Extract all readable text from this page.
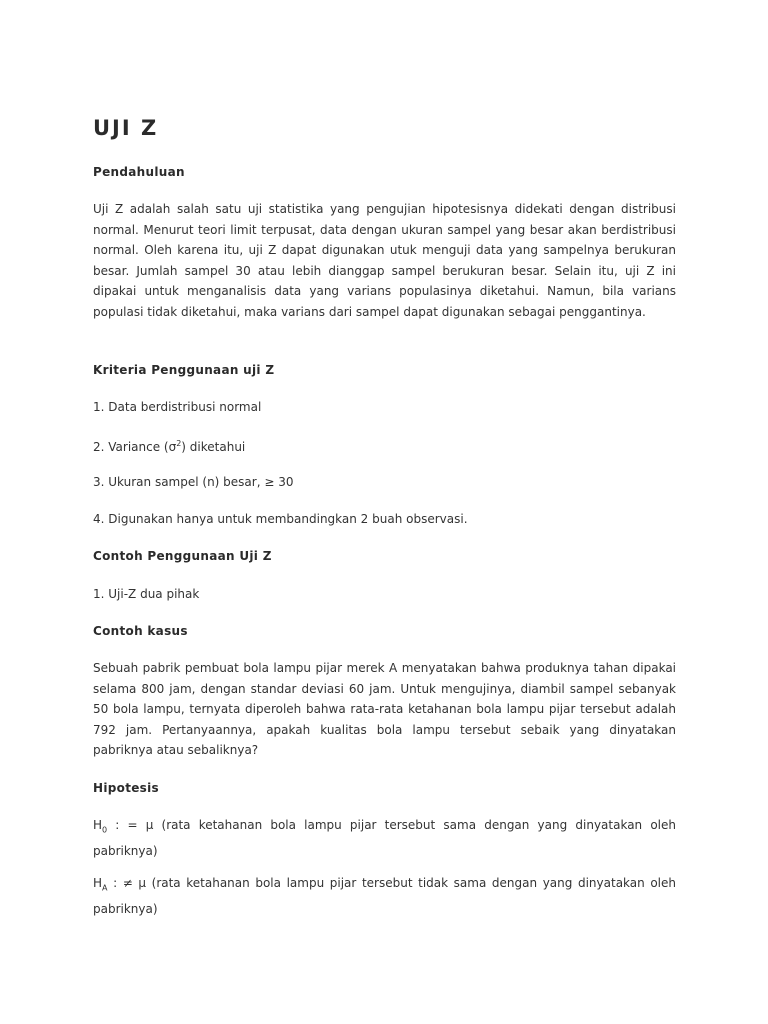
UJI Z
Pendahuluan

Uji Z adalah salah satu uji statistika yang pengujian hipotesisnya didekati dengan distribusi normal. Menurut teori limit terpusat, data dengan ukuran sampel yang besar akan berdistribusi normal. Oleh karena itu, uji Z dapat digunakan utuk menguji data yang sampelnya berukuran besar. Jumlah sampel 30 atau lebih dianggap sampel berukuran besar. Selain itu, uji Z ini dipakai untuk menganalisis data yang varians populasinya diketahui. Namun, bila varians populasi tidak diketahui, maka varians dari sampel dapat digunakan sebagai penggantinya.

Kriteria Penggunaan uji Z

1. Data berdistribusi normal

2. Variance $(\sigma^2)$ diketahui

3. Ukuran sampel (n) besar, ≥ 30

4. Digunakan hanya untuk membandingkan 2 buah observasi.

Contoh Penggunaan Uji Z

1. Uji-Z dua pihak

Contoh kasus

Sebuah pabrik pembuat bola lampu pijar merek A menyatakan bahwa produknya tahan dipakai selama 800 jam, dengan standar deviasi 60 jam. Untuk mengujinya, diambil sampel sebanyak 50 bola lampu, ternyata diperoleh bahwa rata-rata ketahanan bola lampu pijar tersebut adalah 792 jam. Pertanyaannya, apakah kualitas bola lampu tersebut sebaik yang dinyatakan pabriknya atau sebaliknya?

Hipotesis

$H_0$ : = μ (rata ketahanan bola lampu pijar tersebut sama dengan yang dinyatakan oleh pabriknya)

$H_A$ : ≠ μ (rata ketahanan bola lampu pijar tersebut tidak sama dengan yang dinyatakan oleh pabriknya)
